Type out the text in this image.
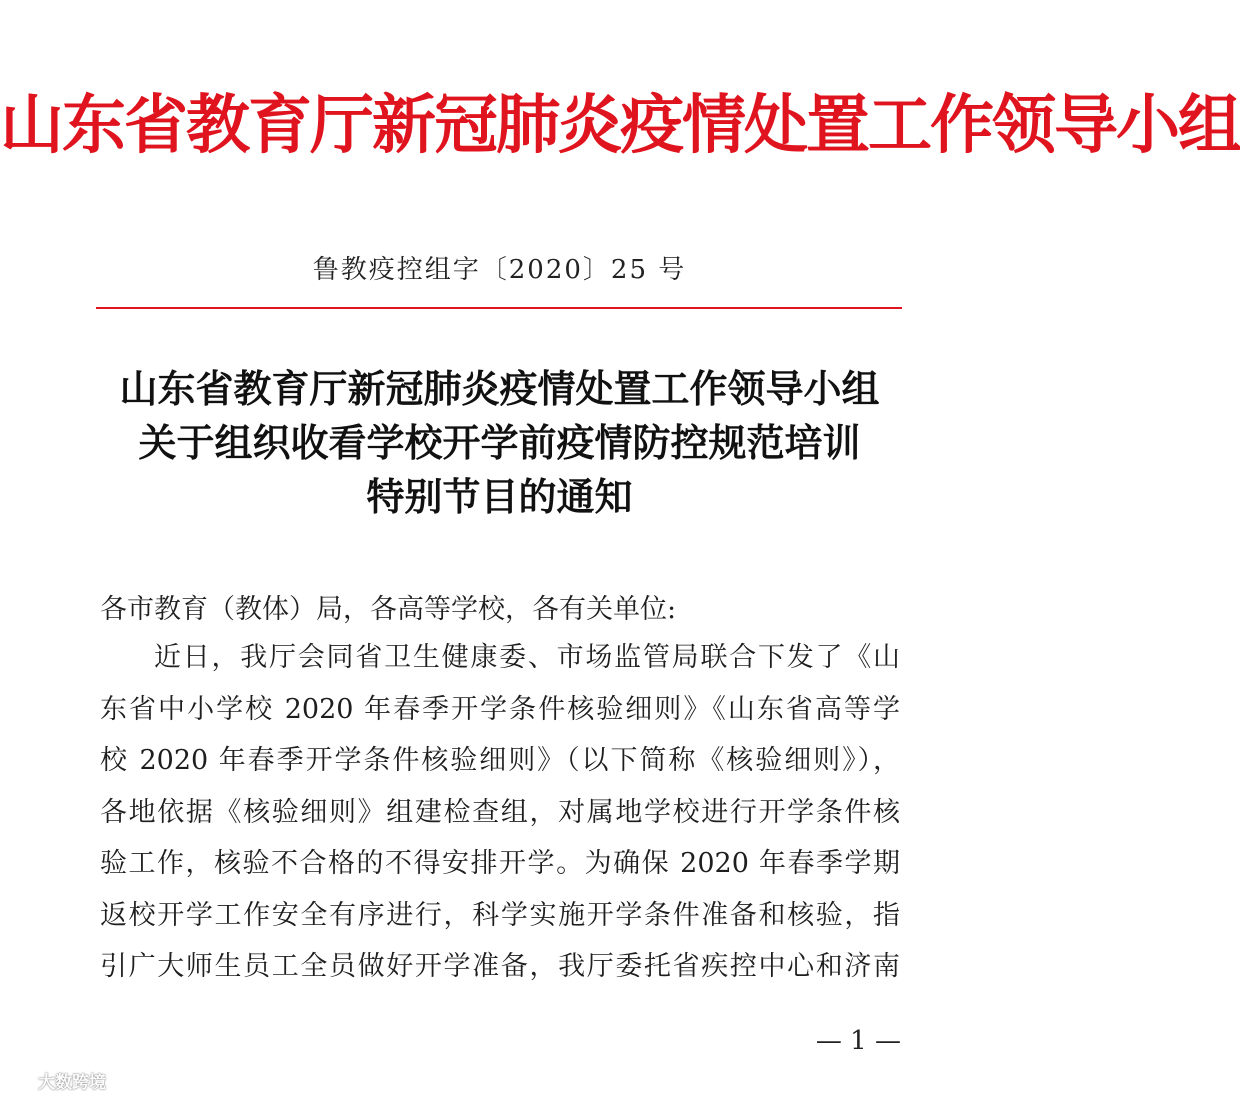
山东省教育厅新冠肺炎疫情处置工作领导小组
鲁教疫控组字〔2020〕25 号
山东省教育厅新冠肺炎疫情处置工作领导小组
关于组织收看学校开学前疫情防控规范培训
特别节目的通知
各市教育（教体）局，各高等学校，各有关单位:
近日，我厅会同省卫生健康委、市场监管局联合下发了《山
东省中小学校 2020 年春季开学条件核验细则》《山东省高等学
校 2020 年春季开学条件核验细则》（以下简称《核验细则》），
各地依据《核验细则》组建检查组，对属地学校进行开学条件核
验工作，核验不合格的不得安排开学。为确保 2020 年春季学期
返校开学工作安全有序进行，科学实施开学条件准备和核验，指
引广大师生员工全员做好开学准备，我厅委托省疾控中心和济南
— 1 —
大数跨境
